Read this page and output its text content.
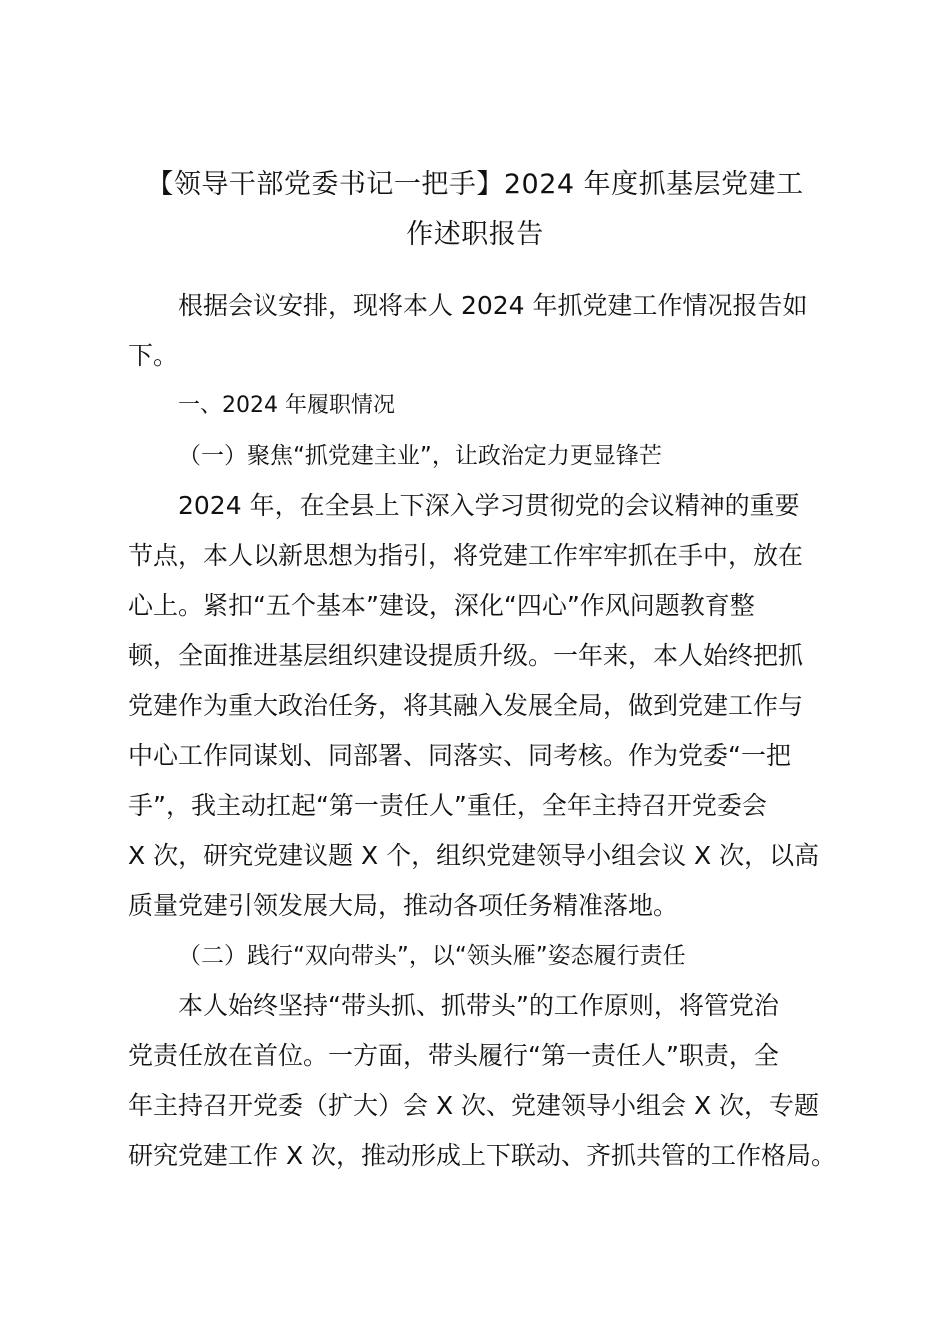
【领导干部党委书记一把手】2024 年度抓基层党建工
作述职报告
根据会议安排，现将本人 2024 年抓党建工作情况报告如
下。
一、2024 年履职情况
（一）聚焦“抓党建主业”，让政治定力更显锋芒
2024 年，在全县上下深入学习贯彻党的会议精神的重要
节点，本人以新思想为指引，将党建工作牢牢抓在手中，放在
心上。紧扣“五个基本”建设，深化“四心”作风问题教育整
顿，全面推进基层组织建设提质升级。一年来，本人始终把抓
党建作为重大政治任务，将其融入发展全局，做到党建工作与
中心工作同谋划、同部署、同落实、同考核。作为党委“一把
手”，我主动扛起“第一责任人”重任，全年主持召开党委会
X 次，研究党建议题 X 个，组织党建领导小组会议 X 次，以高
质量党建引领发展大局，推动各项任务精准落地。
（二）践行“双向带头”，以“领头雁”姿态履行责任
本人始终坚持“带头抓、抓带头”的工作原则，将管党治
党责任放在首位。一方面，带头履行“第一责任人”职责，全
年主持召开党委（扩大）会 X 次、党建领导小组会 X 次，专题
研究党建工作 X 次，推动形成上下联动、齐抓共管的工作格局。
